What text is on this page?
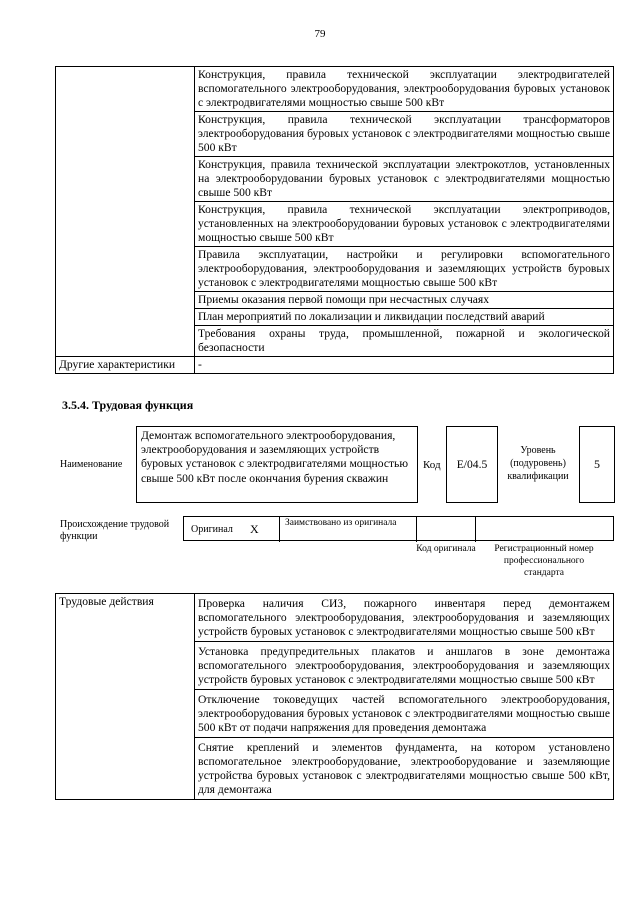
79
	Конструкция, правила технической эксплуатации электродвигателей вспомогательного электрооборудования, электрооборудования буровых установок с электродвигателями мощностью свыше 500 кВт
	Конструкция, правила технической эксплуатации трансформаторов электрооборудования буровых установок с электродвигателями мощностью свыше 500 кВт
	Конструкция, правила технической эксплуатации электрокотлов, установленных на электрооборудовании буровых установок с электродвигателями мощностью свыше 500 кВт
	Конструкция, правила технической эксплуатации электроприводов, установленных на электрооборудовании буровых установок с электродвигателями мощностью свыше 500 кВт
	Правила эксплуатации, настройки и регулировки вспомогательного электрооборудования, электрооборудования и заземляющих устройств буровых установок с электродвигателями мощностью свыше 500 кВт
	Приемы оказания первой помощи при несчастных случаях
	План мероприятий по локализации и ликвидации последствий аварий
	Требования охраны труда, промышленной, пожарной и экологической безопасности
Другие характеристики	-
3.5.4. Трудовая функция
Наименование
Демонтаж вспомогательного электрооборудования, электрооборудования и заземляющих устройств буровых установок с электродвигателями мощностью свыше 500 кВт после окончания бурения скважин
Код	E/04.5
Уровень (подуровень) квалификации
5
Происхождение трудовой функции
Оригинал X	Заимствовано из оригинала
Код оригинала	Регистрационный номер профессионального стандарта
Трудовые действия	Проверка наличия СИЗ, пожарного инвентаря перед демонтажем вспомогательного электрооборудования, электрооборудования и заземляющих устройств буровых установок с электродвигателями мощностью свыше 500 кВт
Установка предупредительных плакатов и аншлагов в зоне демонтажа вспомогательного электрооборудования, электрооборудования и заземляющих устройств буровых установок с электродвигателями мощностью свыше 500 кВт
Отключение токоведущих частей вспомогательного электрооборудования, электрооборудования буровых установок с электродвигателями мощностью свыше 500 кВт от подачи напряжения для проведения демонтажа
Снятие креплений и элементов фундамента, на котором установлено вспомогательное электрооборудование, электрооборудование и заземляющие устройства буровых установок с электродвигателями мощностью свыше 500 кВт, для демонтажа
